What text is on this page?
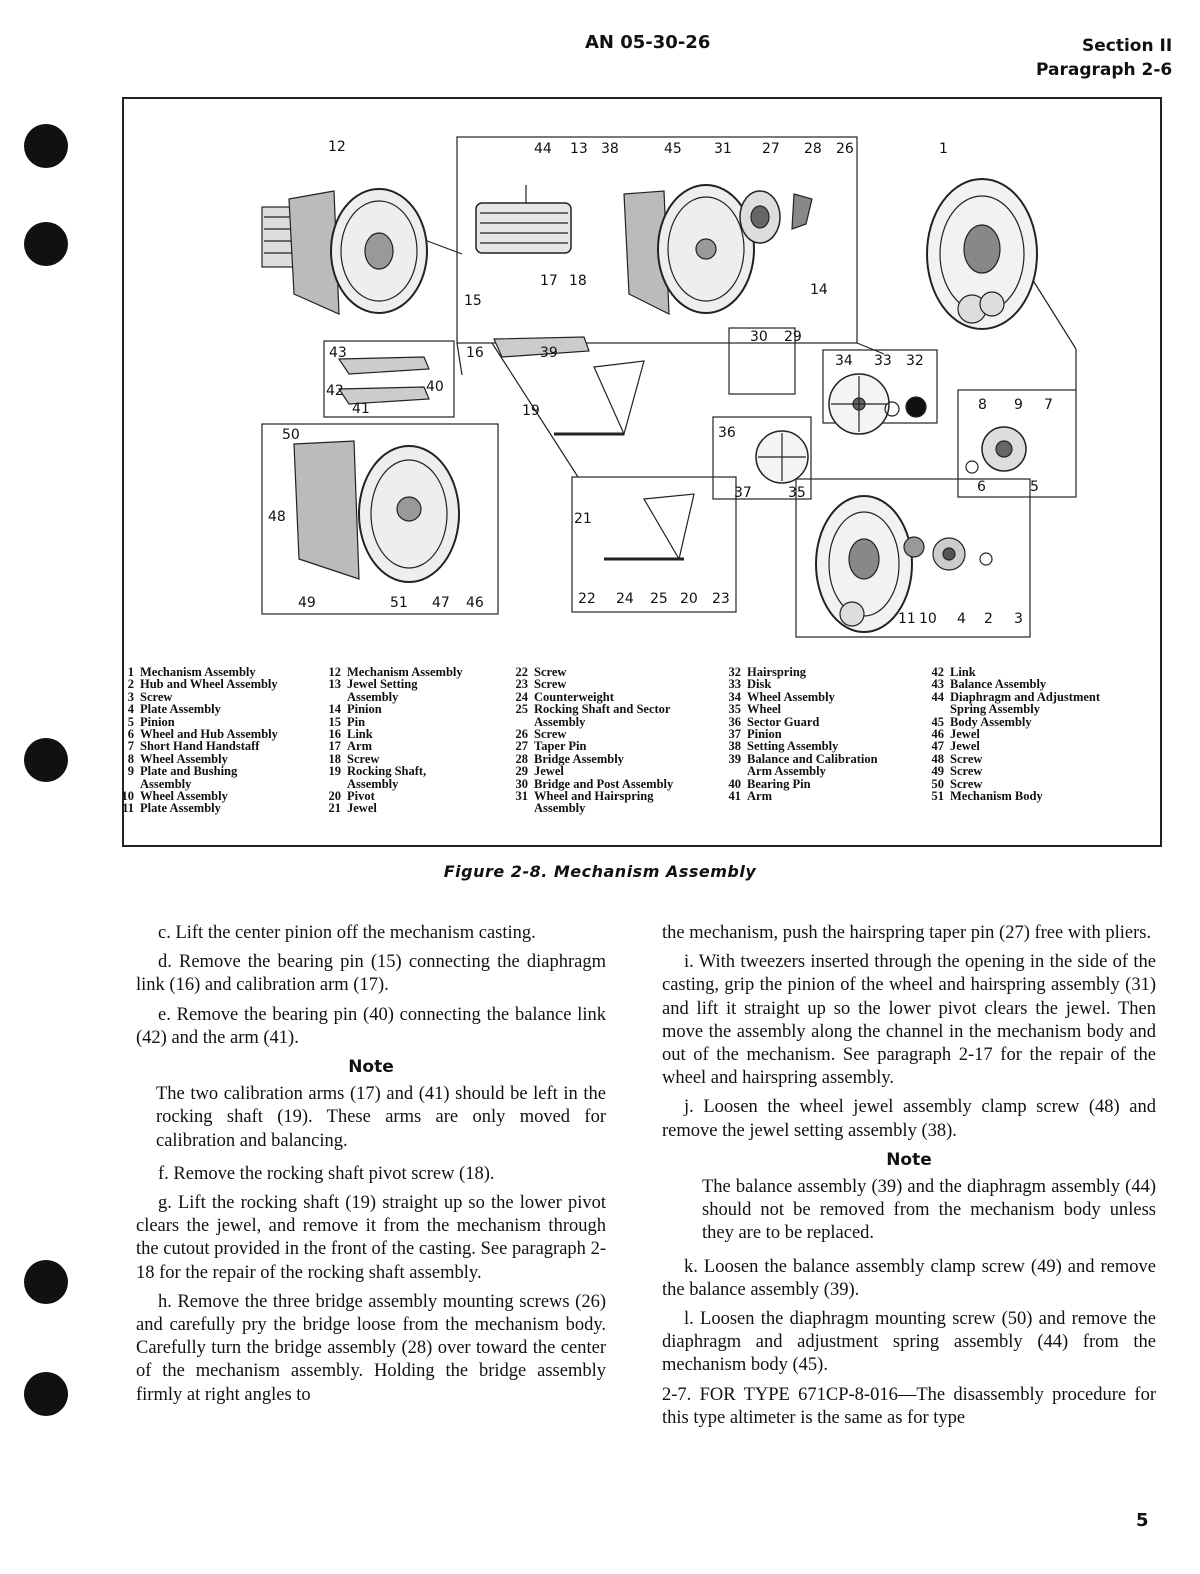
AN 05-30-26	Section II
Paragraph 2-6
12	44 13 38	45 31 27 28 26	1
17 18
15
14
16	39
43
30 29
34 33 32
42	40
41	19	8 9 7
36
50
6	5
37	35
21
48
22 24 25 20 23
11 10 4 2 3
49	51 47 46
1 Mechanism Assembly
2 Hub and Wheel Assembly
3 Screw
4 Plate Assembly
5 Pinion
6 Wheel and Hub Assembly
7 Short Hand Handstaff
8 Wheel Assembly
9 Plate and Bushing
Assembly
10 Wheel Assembly
11 Plate Assembly
12 Mechanism Assembly
13 Jewel Setting
Assembly
14 Pinion
15 Pin
16 Link
17 Arm
18 Screw
19 Rocking Shaft,
Assembly
20 Pivot
21 Jewel
22 Screw
23 Screw
24 Counterweight
25 Rocking Shaft and Sector
Assembly
26 Screw
27 Taper Pin
28 Bridge Assembly
29 Jewel
30 Bridge and Post Assembly
31 Wheel and Hairspring
Assembly
32 Hairspring
33 Disk
34 Wheel Assembly
35 Wheel
36 Sector Guard
37 Pinion
38 Setting Assembly
39 Balance and Calibration
Arm Assembly
40 Bearing Pin
41 Arm
42 Link
43 Balance Assembly
44 Diaphragm and Adjustment
Spring Assembly
45 Body Assembly
46 Jewel
47 Jewel
48 Screw
49 Screw
50 Screw
51 Mechanism Body
Figure 2-8. Mechanism Assembly

c. Lift the center pinion off the mechanism casting.

d. Remove the bearing pin (15) connecting the diaphragm link (16) and calibration arm (17).

e. Remove the bearing pin (40) connecting the balance link (42) and the arm (41).

Note

The two calibration arms (17) and (41) should be left in the rocking shaft (19). These arms are only moved for calibration and balancing.

f. Remove the rocking shaft pivot screw (18).

g. Lift the rocking shaft (19) straight up so the lower pivot clears the jewel, and remove it from the mechanism through the cutout provided in the front of the casting. See paragraph 2-18 for the repair of the rocking shaft assembly.

h. Remove the three bridge assembly mounting screws (26) and carefully pry the bridge loose from the mechanism body. Carefully turn the bridge assembly (28) over toward the center of the mechanism assembly. Holding the bridge assembly firmly at right angles to

the mechanism, push the hairspring taper pin (27) free with pliers.

i. With tweezers inserted through the opening in the side of the casting, grip the pinion of the wheel and hairspring assembly (31) and lift it straight up so the lower pivot clears the jewel. Then move the assembly along the channel in the mechanism body and out of the mechanism. See paragraph 2-17 for the repair of the wheel and hairspring assembly.

j. Loosen the wheel jewel assembly clamp screw (48) and remove the jewel setting assembly (38).

Note

The balance assembly (39) and the diaphragm assembly (44) should not be removed from the mechanism body unless they are to be replaced.

k. Loosen the balance assembly clamp screw (49) and remove the balance assembly (39).

l. Loosen the diaphragm mounting screw (50) and remove the diaphragm and adjustment spring assembly (44) from the mechanism body (45).

2-7. FOR TYPE 671CP-8-016—The disassembly procedure for this type altimeter is the same as for type

5
